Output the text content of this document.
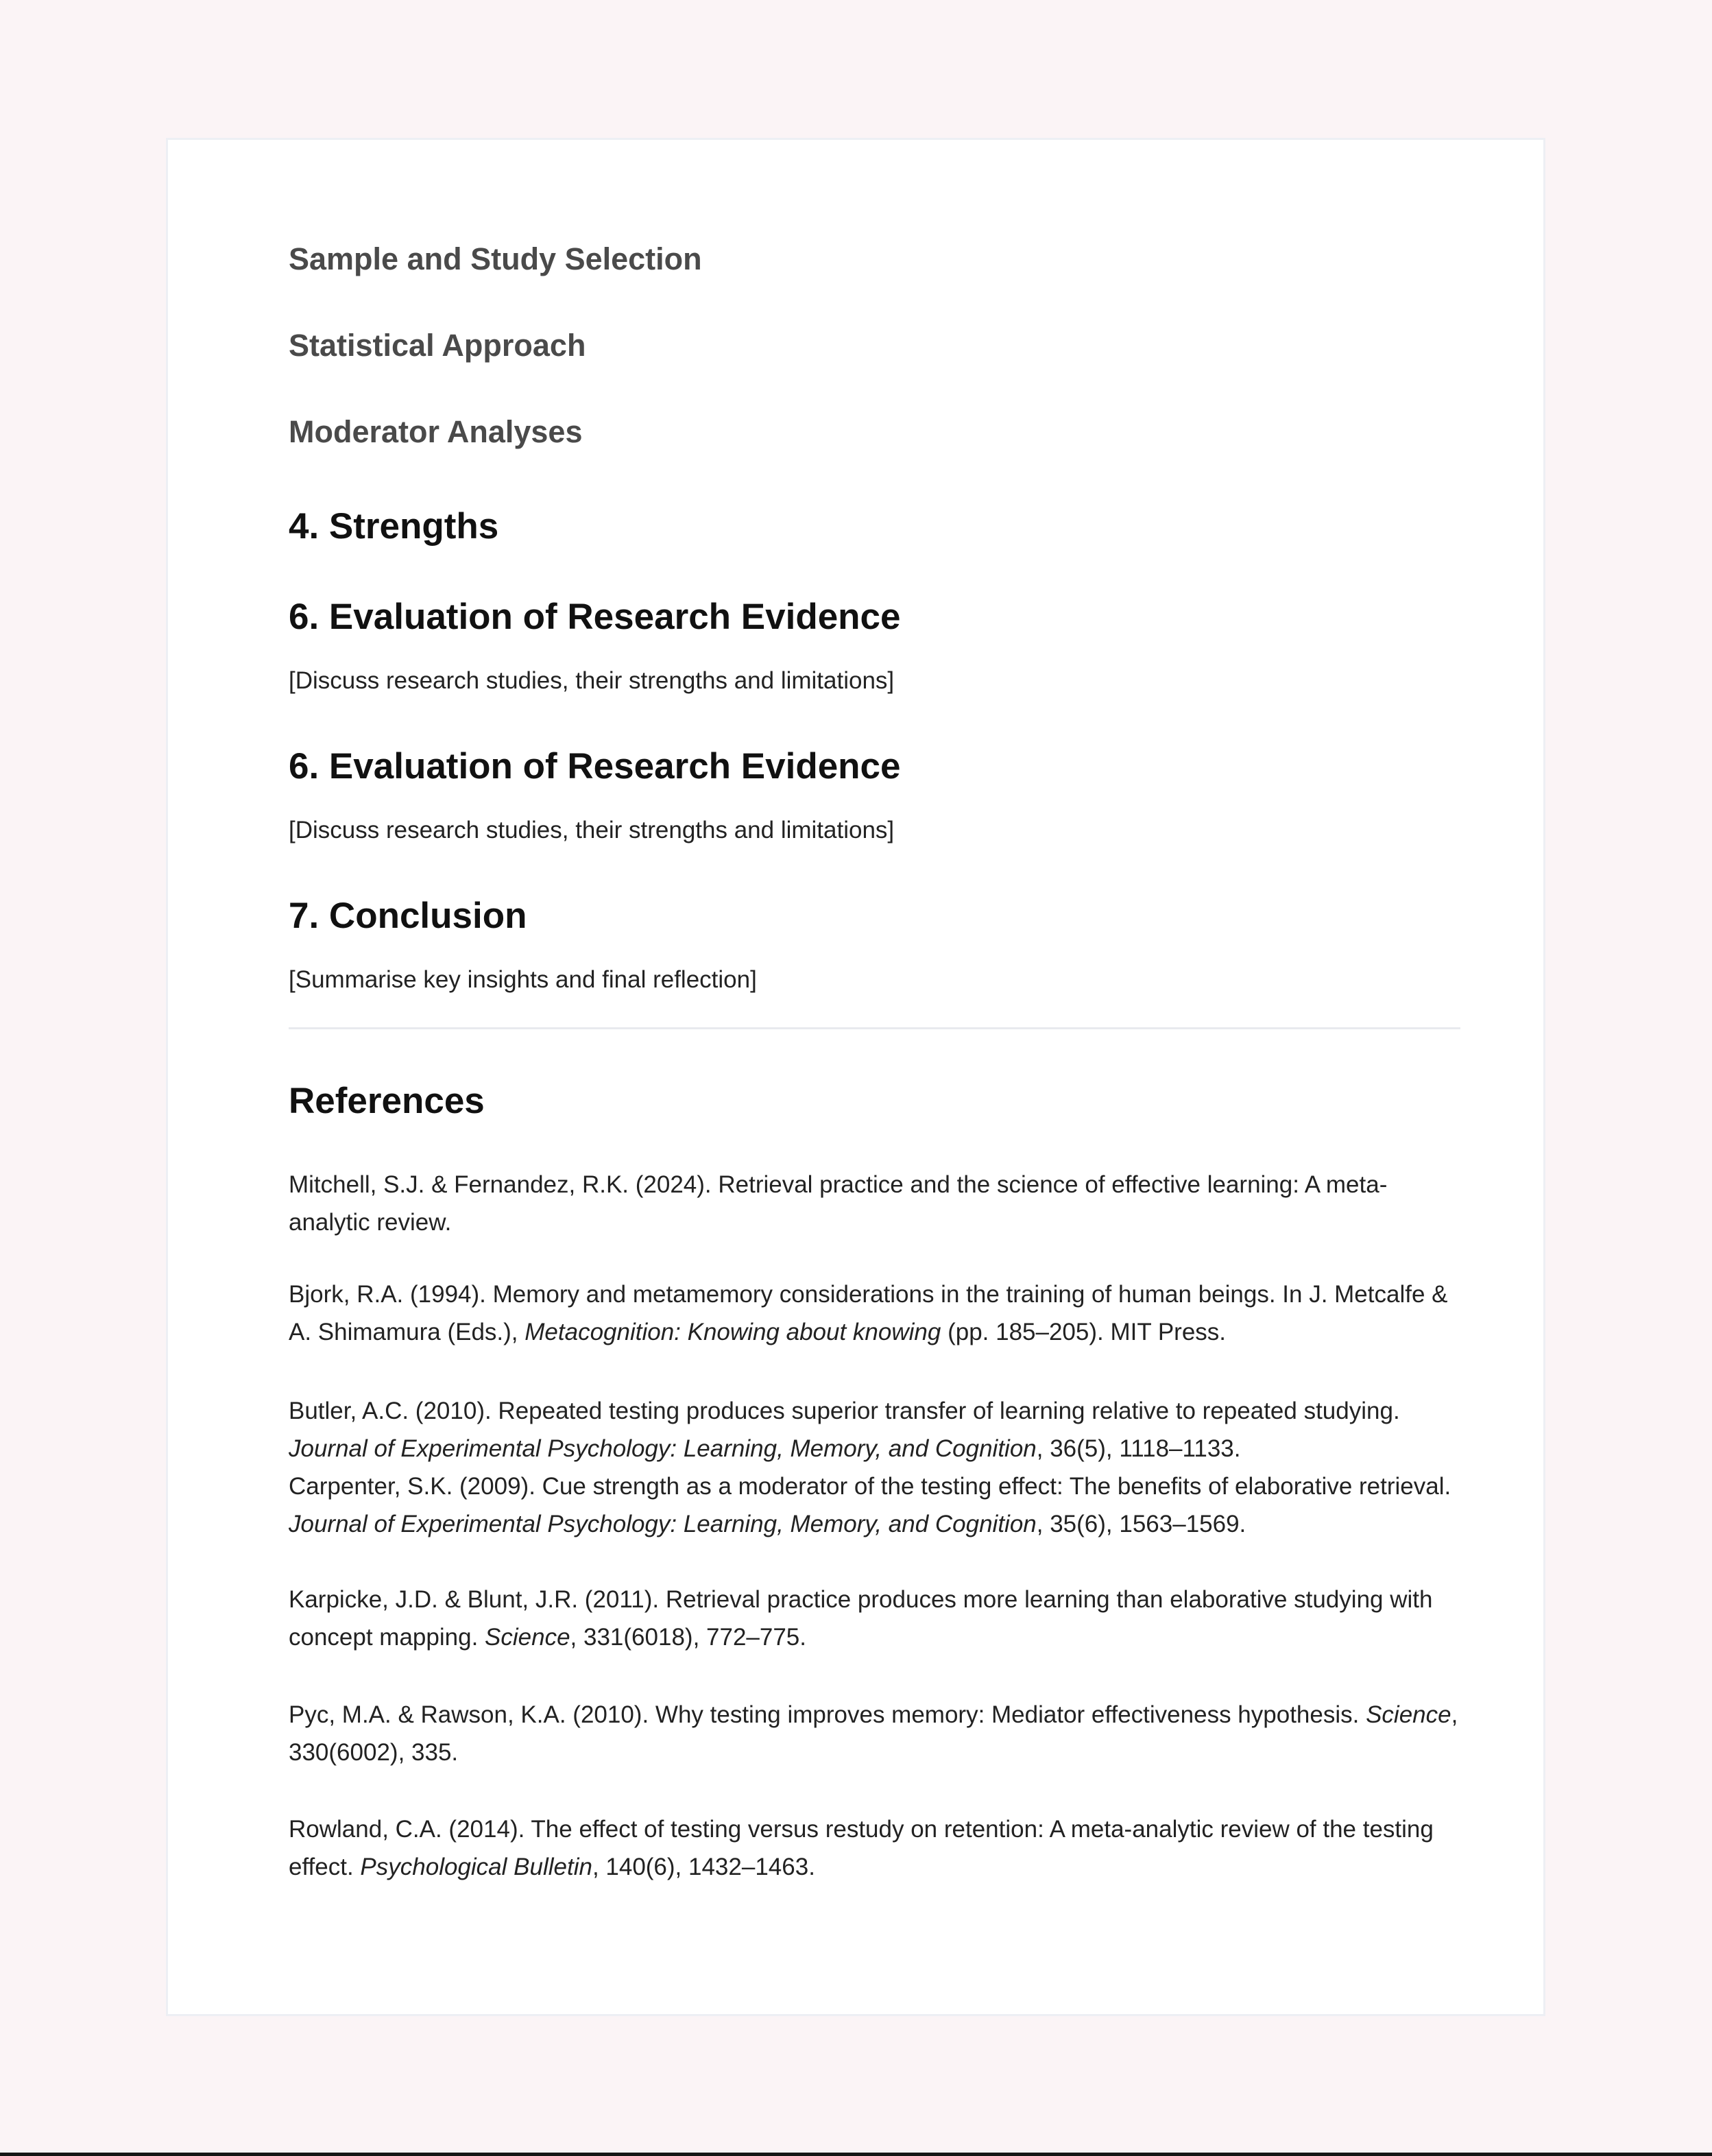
Sample and Study Selection
Statistical Approach
Moderator Analyses
4. Strengths
6. Evaluation of Research Evidence

[Discuss research studies, their strengths and limitations]

6. Evaluation of Research Evidence

[Discuss research studies, their strengths and limitations]

7. Conclusion

[Summarise key insights and final reflection]

References

Mitchell, S.J. & Fernandez, R.K. (2024). Retrieval practice and the science of effective learning: A meta-analytic review.

Bjork, R.A. (1994). Memory and metamemory considerations in the training of human beings. In J. Metcalfe & A. Shimamura (Eds.), Metacognition: Knowing about knowing (pp. 185–205). MIT Press.

Butler, A.C. (2010). Repeated testing produces superior transfer of learning relative to repeated studying. Journal of Experimental Psychology: Learning, Memory, and Cognition, 36(5), 1118–1133.

Carpenter, S.K. (2009). Cue strength as a moderator of the testing effect: The benefits of elaborative retrieval. Journal of Experimental Psychology: Learning, Memory, and Cognition, 35(6), 1563–1569.

Karpicke, J.D. & Blunt, J.R. (2011). Retrieval practice produces more learning than elaborative studying with concept mapping. Science, 331(6018), 772–775.

Pyc, M.A. & Rawson, K.A. (2010). Why testing improves memory: Mediator effectiveness hypothesis. Science, 330(6002), 335.

Rowland, C.A. (2014). The effect of testing versus restudy on retention: A meta-analytic review of the testing effect. Psychological Bulletin, 140(6), 1432–1463.
